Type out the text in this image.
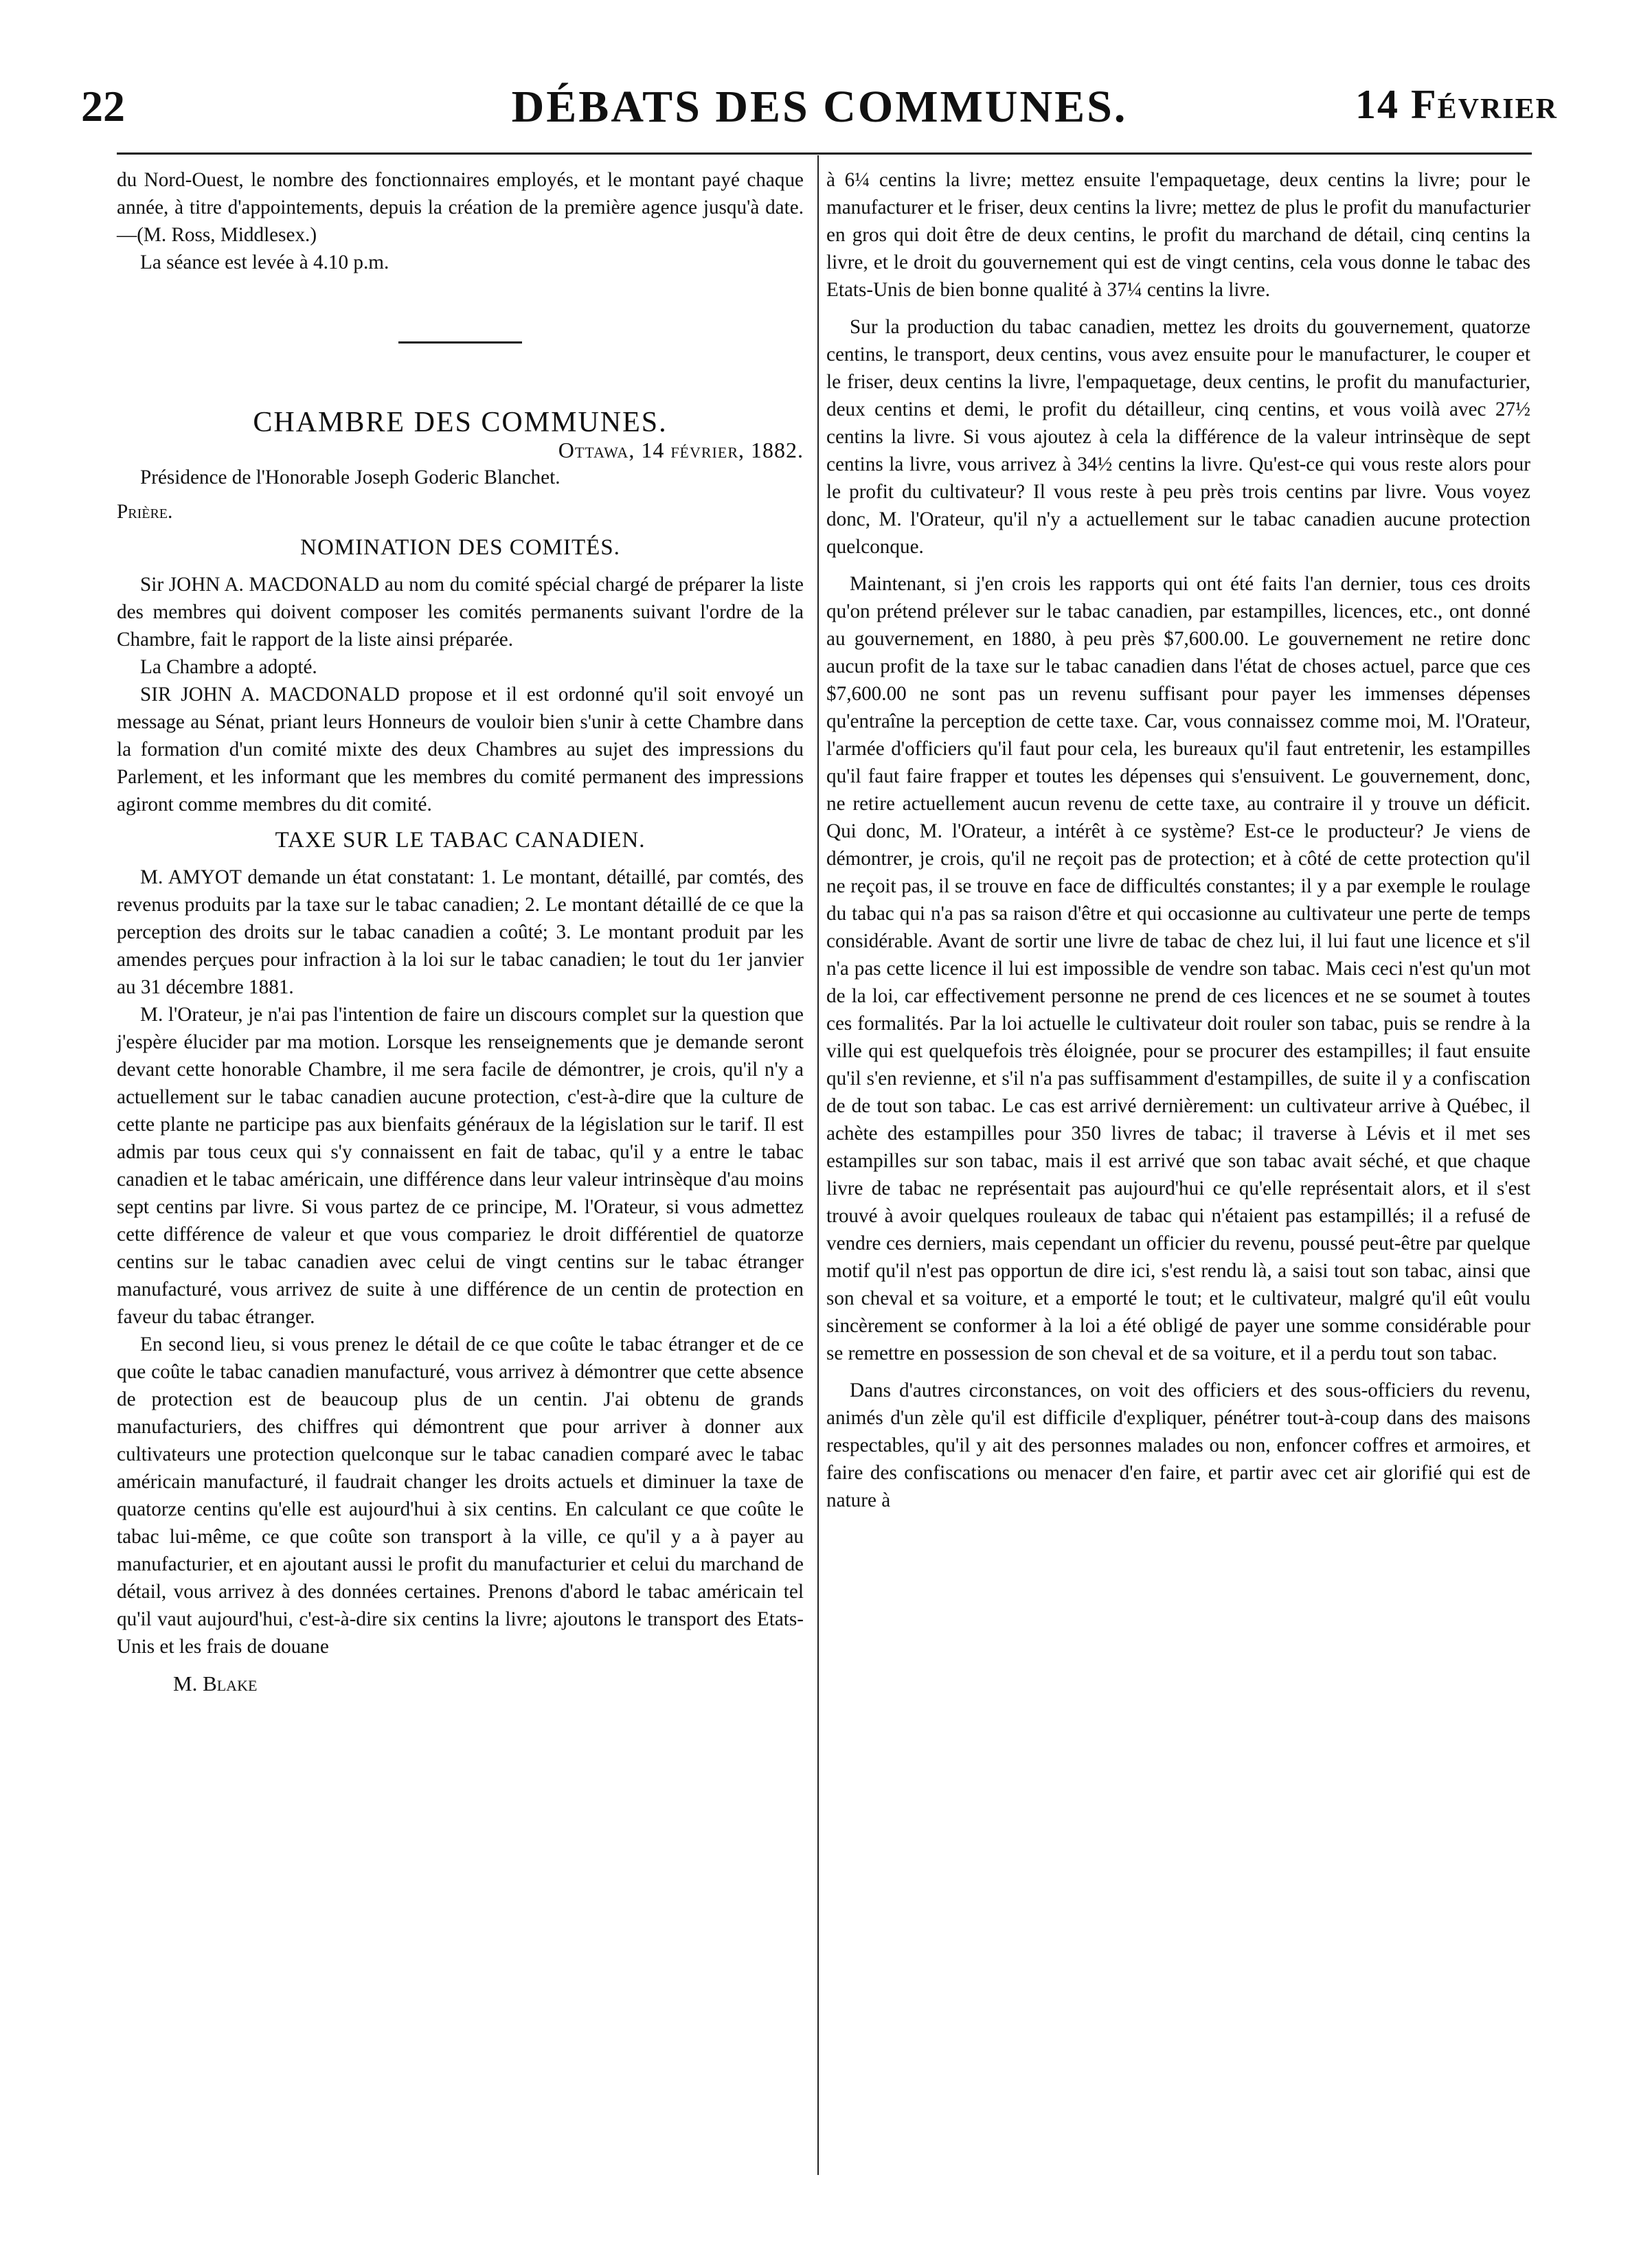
22	DÉBATS DES COMMUNES.	14 Février

du Nord-Ouest, le nombre des fonctionnaires employés, et le montant payé chaque année, à titre d'appointements, depuis la création de la première agence jusqu'à date.—(M. Ross, Middlesex.)

La séance est levée à 4.10 p.m.

CHAMBRE DES COMMUNES.

Ottawa, 14 février, 1882.

Présidence de l'Honorable Joseph Goderic Blanchet.

Prière.

NOMINATION DES COMITÉS.

Sir JOHN A. MACDONALD au nom du comité spécial chargé de préparer la liste des membres qui doivent composer les comités permanents suivant l'ordre de la Chambre, fait le rapport de la liste ainsi préparée.

La Chambre a adopté.

SIR JOHN A. MACDONALD propose et il est ordonné qu'il soit envoyé un message au Sénat, priant leurs Honneurs de vouloir bien s'unir à cette Chambre dans la formation d'un comité mixte des deux Chambres au sujet des impressions du Parlement, et les informant que les membres du comité permanent des impressions agiront comme membres du dit comité.

TAXE SUR LE TABAC CANADIEN.

M. AMYOT demande un état constatant: 1. Le montant, détaillé, par comtés, des revenus produits par la taxe sur le tabac canadien; 2. Le montant détaillé de ce que la perception des droits sur le tabac canadien a coûté; 3. Le montant produit par les amendes perçues pour infraction à la loi sur le tabac canadien; le tout du 1er janvier au 31 décembre 1881.

M. l'Orateur, je n'ai pas l'intention de faire un discours complet sur la question que j'espère élucider par ma motion. Lorsque les renseignements que je demande seront devant cette honorable Chambre, il me sera facile de démontrer, je crois, qu'il n'y a actuellement sur le tabac canadien aucune protection, c'est-à-dire que la culture de cette plante ne participe pas aux bienfaits généraux de la législation sur le tarif. Il est admis par tous ceux qui s'y connaissent en fait de tabac, qu'il y a entre le tabac canadien et le tabac américain, une différence dans leur valeur intrinsèque d'au moins sept centins par livre. Si vous partez de ce principe, M. l'Orateur, si vous admettez cette différence de valeur et que vous compariez le droit différentiel de quatorze centins sur le tabac canadien avec celui de vingt centins sur le tabac étranger manufacturé, vous arrivez de suite à une différence de un centin de protection en faveur du tabac étranger.

En second lieu, si vous prenez le détail de ce que coûte le tabac étranger et de ce que coûte le tabac canadien manufacturé, vous arrivez à démontrer que cette absence de protection est de beaucoup plus de un centin. J'ai obtenu de grands manufacturiers, des chiffres qui démontrent que pour arriver à donner aux cultivateurs une protection quelconque sur le tabac canadien comparé avec le tabac américain manufacturé, il faudrait changer les droits actuels et diminuer la taxe de quatorze centins qu'elle est aujourd'hui à six centins. En calculant ce que coûte le tabac lui-même, ce que coûte son transport à la ville, ce qu'il y a à payer au manufacturier, et en ajoutant aussi le profit du manufacturier et celui du marchand de détail, vous arrivez à des données certaines. Prenons d'abord le tabac américain tel qu'il vaut aujourd'hui, c'est-à-dire six centins la livre; ajoutons le transport des Etats-Unis et les frais de douane

M. Blake

à 6¼ centins la livre; mettez ensuite l'empaquetage, deux centins la livre; pour le manufacturer et le friser, deux centins la livre; mettez de plus le profit du manufacturier en gros qui doit être de deux centins, le profit du marchand de détail, cinq centins la livre, et le droit du gouvernement qui est de vingt centins, cela vous donne le tabac des Etats-Unis de bien bonne qualité à 37¼ centins la livre.

Sur la production du tabac canadien, mettez les droits du gouvernement, quatorze centins, le transport, deux centins, vous avez ensuite pour le manufacturer, le couper et le friser, deux centins la livre, l'empaquetage, deux centins, le profit du manufacturier, deux centins et demi, le profit du détailleur, cinq centins, et vous voilà avec 27½ centins la livre. Si vous ajoutez à cela la différence de la valeur intrinsèque de sept centins la livre, vous arrivez à 34½ centins la livre. Qu'est-ce qui vous reste alors pour le profit du cultivateur? Il vous reste à peu près trois centins par livre. Vous voyez donc, M. l'Orateur, qu'il n'y a actuellement sur le tabac canadien aucune protection quelconque.

Maintenant, si j'en crois les rapports qui ont été faits l'an dernier, tous ces droits qu'on prétend prélever sur le tabac canadien, par estampilles, licences, etc., ont donné au gouvernement, en 1880, à peu près $7,600.00. Le gouvernement ne retire donc aucun profit de la taxe sur le tabac canadien dans l'état de choses actuel, parce que ces $7,600.00 ne sont pas un revenu suffisant pour payer les immenses dépenses qu'entraîne la perception de cette taxe. Car, vous connaissez comme moi, M. l'Orateur, l'armée d'officiers qu'il faut pour cela, les bureaux qu'il faut entretenir, les estampilles qu'il faut faire frapper et toutes les dépenses qui s'ensuivent. Le gouvernement, donc, ne retire actuellement aucun revenu de cette taxe, au contraire il y trouve un déficit. Qui donc, M. l'Orateur, a intérêt à ce système? Est-ce le producteur? Je viens de démontrer, je crois, qu'il ne reçoit pas de protection; et à côté de cette protection qu'il ne reçoit pas, il se trouve en face de difficultés constantes; il y a par exemple le roulage du tabac qui n'a pas sa raison d'être et qui occasionne au cultivateur une perte de temps considérable. Avant de sortir une livre de tabac de chez lui, il lui faut une licence et s'il n'a pas cette licence il lui est impossible de vendre son tabac. Mais ceci n'est qu'un mot de la loi, car effectivement personne ne prend de ces licences et ne se soumet à toutes ces formalités. Par la loi actuelle le cultivateur doit rouler son tabac, puis se rendre à la ville qui est quelquefois très éloignée, pour se procurer des estampilles; il faut ensuite qu'il s'en revienne, et s'il n'a pas suffisamment d'estampilles, de suite il y a confiscation de de tout son tabac. Le cas est arrivé dernièrement: un cultivateur arrive à Québec, il achète des estampilles pour 350 livres de tabac; il traverse à Lévis et il met ses estampilles sur son tabac, mais il est arrivé que son tabac avait séché, et que chaque livre de tabac ne représentait pas aujourd'hui ce qu'elle représentait alors, et il s'est trouvé à avoir quelques rouleaux de tabac qui n'étaient pas estampillés; il a refusé de vendre ces derniers, mais cependant un officier du revenu, poussé peut-être par quelque motif qu'il n'est pas opportun de dire ici, s'est rendu là, a saisi tout son tabac, ainsi que son cheval et sa voiture, et a emporté le tout; et le cultivateur, malgré qu'il eût voulu sincèrement se conformer à la loi a été obligé de payer une somme considérable pour se remettre en possession de son cheval et de sa voiture, et il a perdu tout son tabac.

Dans d'autres circonstances, on voit des officiers et des sous-officiers du revenu, animés d'un zèle qu'il est difficile d'expliquer, pénétrer tout-à-coup dans des maisons respectables, qu'il y ait des personnes malades ou non, enfoncer coffres et armoires, et faire des confiscations ou menacer d'en faire, et partir avec cet air glorifié qui est de nature à
